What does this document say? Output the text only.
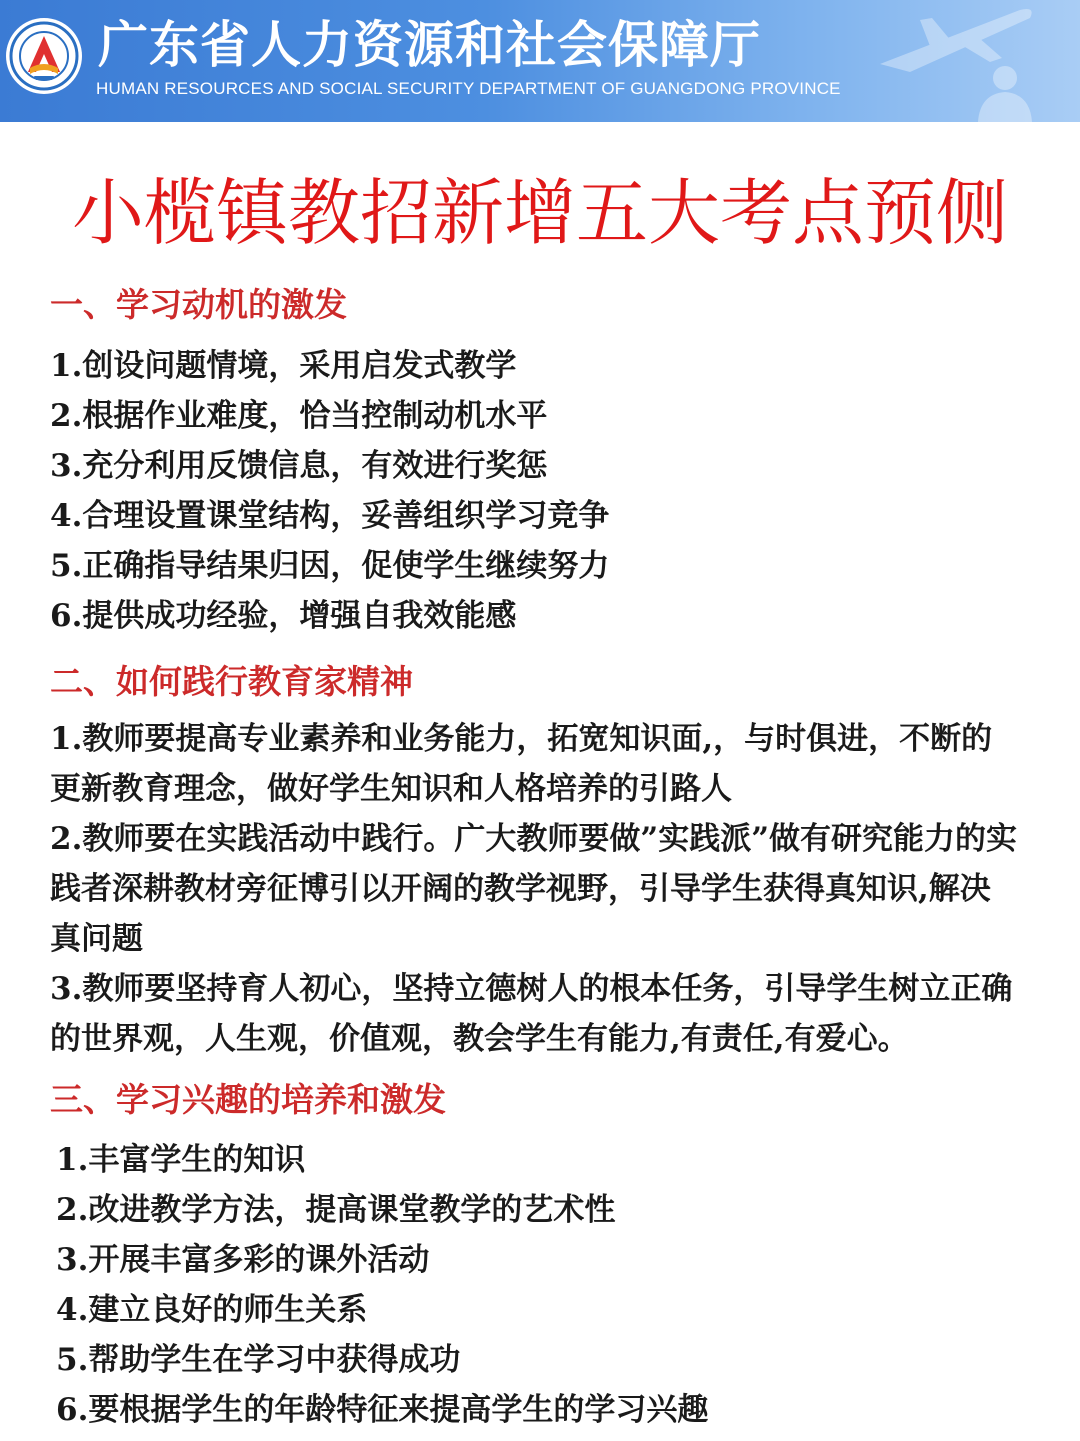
广东省人力资源和社会保障厅
HUMAN RESOURCES AND SOCIAL SECURITY DEPARTMENT OF GUANGDONG PROVINCE
小榄镇教招新增五大考点预侧
一、学习动机的激发

1.创设问题情境，采用启发式教学

2.根据作业难度，恰当控制动机水平

3.充分利用反馈信息，有效进行奖惩

4.合理设置课堂结构，妥善组织学习竞争

5.正确指导结果归因，促使学生继续努力

6.提供成功经验，增强自我效能感

二、如何践行教育家精神

1.教师要提高专业素养和业务能力，拓宽知识面,，与时俱进，不断的更新教育理念，做好学生知识和人格培养的引路人

2.教师要在实践活动中践行。广大教师要做”实践派”做有研究能力的实践者深耕教材旁征博引以开阔的教学视野，引导学生获得真知识,解决真问题

3.教师要坚持育人初心，坚持立德树人的根本任务，引导学生树立正确的世界观，人生观，价值观，教会学生有能力,有责任,有爱心。

三、学习兴趣的培养和激发

1.丰富学生的知识

2.改进教学方法，提高课堂教学的艺术性

3.开展丰富多彩的课外活动

4.建立良好的师生关系

5.帮助学生在学习中获得成功

6.要根据学生的年龄特征来提高学生的学习兴趣
